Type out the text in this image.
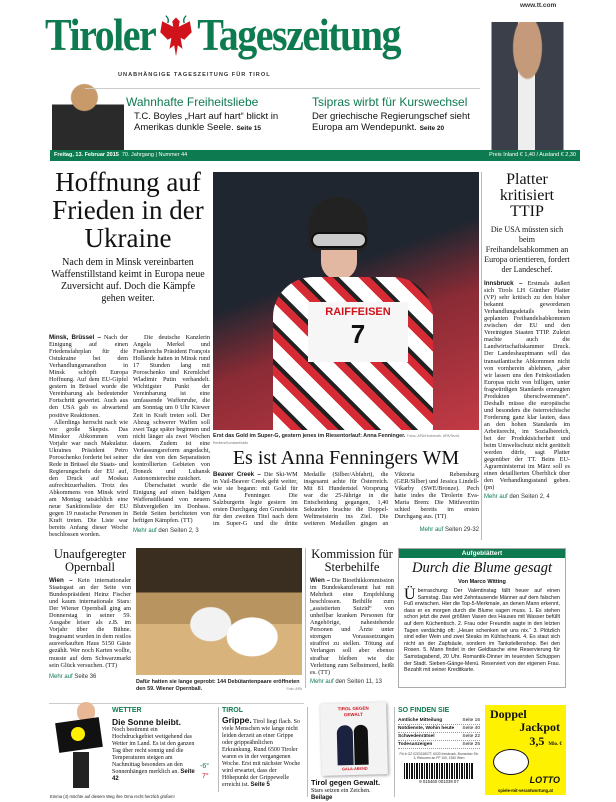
Tiroler Tageszeitung
www.tt.com
UNABHÄNGIGE TAGESZEITUNG FÜR TIROL
Wahnhafte Freiheitsliebe
T.C. Boyles „Hart auf hart“ blickt in Amerikas dunkle Seele. Seite 15
Tsipras wirbt für Kurswechsel
Der griechische Regierungschef sieht Europa am Wendepunkt. Seite 20
Freitag, 13. Februar 2015 70. Jahrgang | Nummer 44	Preis Inland € 1,40 / Ausland € 2,30
Hoffnung auf Frieden in der Ukraine
Nach dem in Minsk vereinbarten Waffenstillstand keimt in Europa neue Zuversicht auf. Doch die Kämpfe gehen weiter.
Minsk, Brüssel – Nach der Einigung auf einen Friedensfahrplan für die Ostukraine bei dem Verhandlungsmarathon in Minsk schöpft Europa Hoffnung. Auf dem EU-Gipfel gestern in Brüssel wurde die Vereinbarung als bedeutender Fortschritt gewertet. Auch aus den USA gab es abwartend positive Reaktionen.
Allerdings herrscht nach wie vor große Skepsis. Das Minsker Abkommen vom Vorjahr war rasch Makulatur. Ukraines Präsident Petro Poroschenko forderte bei seiner Rede in Brüssel die Staats- und Regierungschefs der EU auf, den Druck auf Moskau aufrechtzuerhalten. Trotz des Abkommens von Minsk wird am Montag tatsächlich eine neue Sanktionsliste der EU gegen 19 russische Personen in Kraft treten. Die Liste war bereits Anfang dieser Woche beschlossen worden.
Die deutsche Kanzlerin Angela Merkel und Frankreichs Präsident François Hollande hatten in Minsk rund 17 Stunden lang mit Poroschenko und Kremlchef Wladimir Putin verhandelt. Wichtigster Punkt der Vereinbarung ist eine umfassende Waffenruhe, die am Sonntag um 0 Uhr Kiewer Zeit in Kraft treten soll. Der Abzug schwerer Waffen soll zwei Tage später beginnen und nicht länger als zwei Wochen dauern. Zudem ist eine Verfassungsreform angedacht, die den von den Separatisten kontrollierten Gebieten von Donezk und Luhansk Autonomierechte zusichert.
Überschattet wurde die Einigung auf einen baldigen Waffenstillstand von neuem Blutvergießen im Donbass. Beide Seiten berichteten von heftigen Kämpfen. (TT)
Mehr auf den Seiten 2, 3
RAIFFEISEN
7
Erst das Gold im Super-G, gestern jenes im Riesentorlauf: Anna Fenninger. Fotos: APA/Hochmuth, APA/Techt, Reuters/Konstantinidis
Es ist Anna Fenningers WM
Beaver Creek – Die Ski-WM in Vail-Beaver Creek geht weiter, wie sie begann: mit Gold für Anna Fenninger. Die Salzburgerin legte gestern im ersten Durchgang den Grundstein für den zweiten Titel nach dem im Super-G und die dritte Medaille (Silber/Abfahrt), die insgesamt achte für Österreich. Mit 81 Hundertstel Vorsprung war die 25-Jährige in die Entscheidung gegangen, 1,40 Sekunden brachte die Doppel-Weltmeisterin ins Ziel. Die weiteren Medaillen gingen an Viktoria Rebensburg (GER/Silber) und Jessica Lindell-Vikarby (SWE/Bronze). Pech hatte indes die Tirolerin Eva-Maria Brem: Die Mitfavoritin schied bereits im ersten Durchgang aus. (TT)
Mehr auf Seiten 29-32
Platter kritisiert TTIP
Die USA müssten sich beim Freihandelsabkommen an Europa orientieren, fordert der Landeschef.
Innsbruck – Erstmals äußert sich Tirols LH Günther Platter (VP) sehr kritisch zu den bisher bekannt gewordenen Verhandlungsdetails beim geplanten Freihandelsabkommen zwischen der EU und den Vereinigten Staaten TTIP. Zuletzt machte auch die Landwirtschaftskammer Druck. Der Landeshauptmann will das transatlantische Abkommen nicht von vornherein ablehnen, „aber wir lassen uns den Feinkostladen Europas nicht von billigen, unter fragwürdigen Standards erzeugten Produkten überschwemmen“. Deshalb müsse die europäische und besonders die österreichische Forderung ganz klar lauten, dass an den hohen Standards im Arbeitsrecht, im Sozialbereich, bei der Produktsicherheit und beim Umweltschutz nicht gerüttelt werden dürfe, sagt Platter gegenüber der TT. Beim EU-Agrarministerrat im März soll es einen detaillierten Überblick über den Verhandlungsstand geben. (pn)
Mehr auf den Seiten 2, 4
Unaufgeregter Opernball
Wien – Kein internationaler Staatsgast an der Seite von Bundespräsident Heinz Fischer und kaum internationale Stars: Der Wiener Opernball ging am Donnerstag in seiner 59. Ausgabe leiser als z.B. im Vorjahr über die Bühne. Insgesamt wurden in dem restlos ausverkauften Haus 5150 Gäste gezählt. Wer noch Karten wollte, musste auf dem Schwarzmarkt sein Glück versuchen. (TT)
Mehr auf Seite 36
Dafür hatten sie lange geprobt: 144 Debütantenpaare eröffneten den 59. Wiener Opernball.	Foto: APA
Kommission für Sterbehilfe
Wien – Die Bioethikkommission im Bundeskanzleramt hat mit Mehrheit eine Empfehlung beschlossen. Beihilfe zum „assistierten Suizid“ von unheilbar kranken Personen für Angehörige, nahestehende Personen und Ärzte unter strengen Voraussetzungen straffrei zu stellen. Tötung auf Verlangen soll aber ebenso strafbar bleiben wie die Verleitung zum Selbstmord, heißt es. (TT)
Mehr auf den Seiten 11, 13
Aufgeblättert
Durch die Blume gesagt
Von Marco Witting
Überraschung: Der Valentinstag fällt heuer auf einen Samstag. Das wird Zehntausende Männer auf dem falschen Fuß erwischen. Hier die Top-5-Merkmale, an denen Mann erkennt, dass er es morgen durch die Blume sagen muss. 1. Es stehen schon jetzt die zwei größten Vasen des Hauses mit Wasser befüllt auf dem Küchentisch. 2. Frau oder Freundin sagte in den letzten Tagen verdächtig oft: „Heuer schenken wir uns nix.“ 3. Plötzlich sind edler Wein und zwei Steaks im Kühlschrank. 4. Es staut sich nicht an der Zapfsäule, sondern im Tankstellenshop. Bei den Rosen. 5. Mann findet in der Geldtasche eine Reservierung für Samstagabend, 20 Uhr. Romantik-Dinner im teuersten Schuppen der Stadt. Sieben-Gänge-Menü. Reserviert von der eigenen Frau. Bezahlt mit seiner Kreditkarte.
Emma (4) möchte auf diesem Weg ihre Oma recht herzlich grüßen!
WETTER
Die Sonne bleibt.
Noch bestimmt ein Hochdruckgebiet weitgehend das Wetter im Land. Es ist den ganzen Tag über recht sonnig und die Temperaturen steigen am Nachmittag besonders an den Sonnenhängen merklich an. Seite 42
-6°
7°
TIROL
Grippe. Tirol liegt flach. So viele Menschen wie lange nicht leiden derzeit an einer Grippe oder grippeähnlichen Erkrankung. Rund 6500 Tiroler waren es in der vergangenen Woche. Erst mit nächster Woche wird erwartet, dass der Höhepunkt der Grippewelle erreicht ist. Seite 5
TIROL GEGEN GEWALT
GALA-ABEND
Tirol gegen Gewalt. Stars setzen ein Zeichen. Beilage
SO FINDEN SIE
Amtliche Mitteilung	Seite 16
Notdienste, Wohin heute	Seite 40
Schwedenrätsel	Seite 22
Todesanzeigen	Seite 25
P.b.b GZ 02Z031807T, 6020 Innsbruck, Brunecker Str. 3, Retouren an PF 100, 1350 Wien
9 015460 001039 07
Doppel
Jackpot
3,5 Mio. €
LOTTO
spiele-mit-verantwortung.at
